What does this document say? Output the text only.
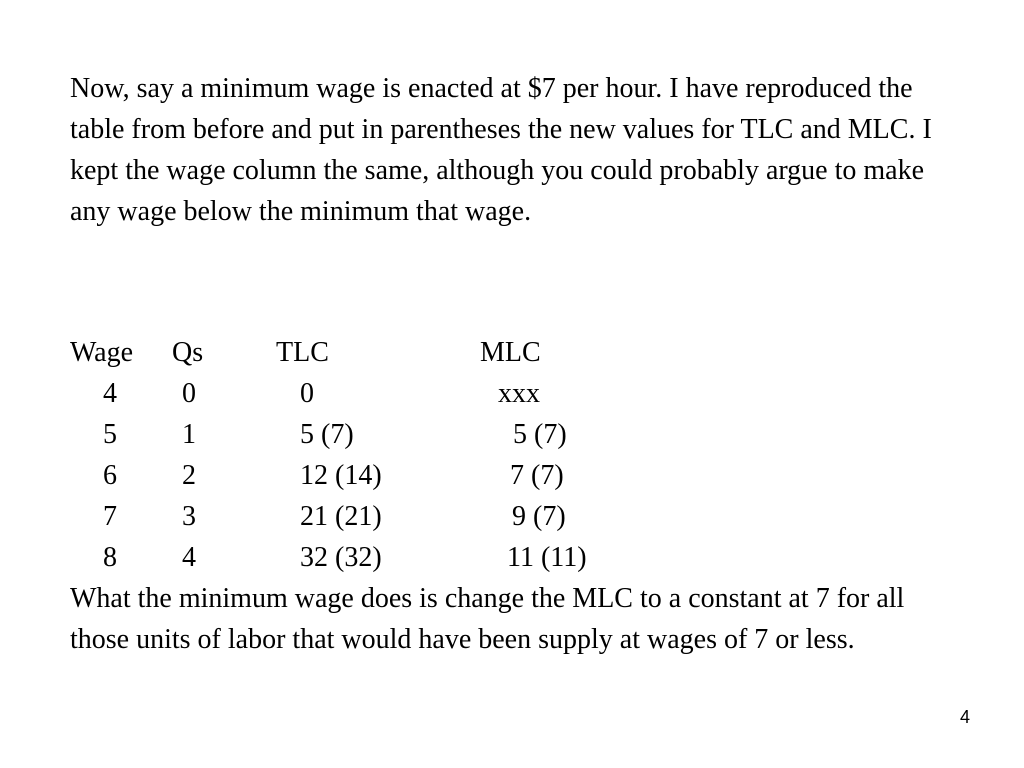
Now, say a minimum wage is enacted at $7 per hour. I have reproduced the table from before and put in parentheses the new values for TLC and MLC. I kept the wage column the same, although you could probably argue to make any wage below the minimum that wage.

Wage Qs	TLC	MLC
4 0	0	xxx
5 1	5 (7)	5 (7)
6 2	12 (14)	7 (7)
7 3	21 (21)	9 (7)
8 4	32 (32)	11 (11)

What the minimum wage does is change the MLC to a constant at 7 for all those units of labor that would have been supply at wages of 7 or less.

4
